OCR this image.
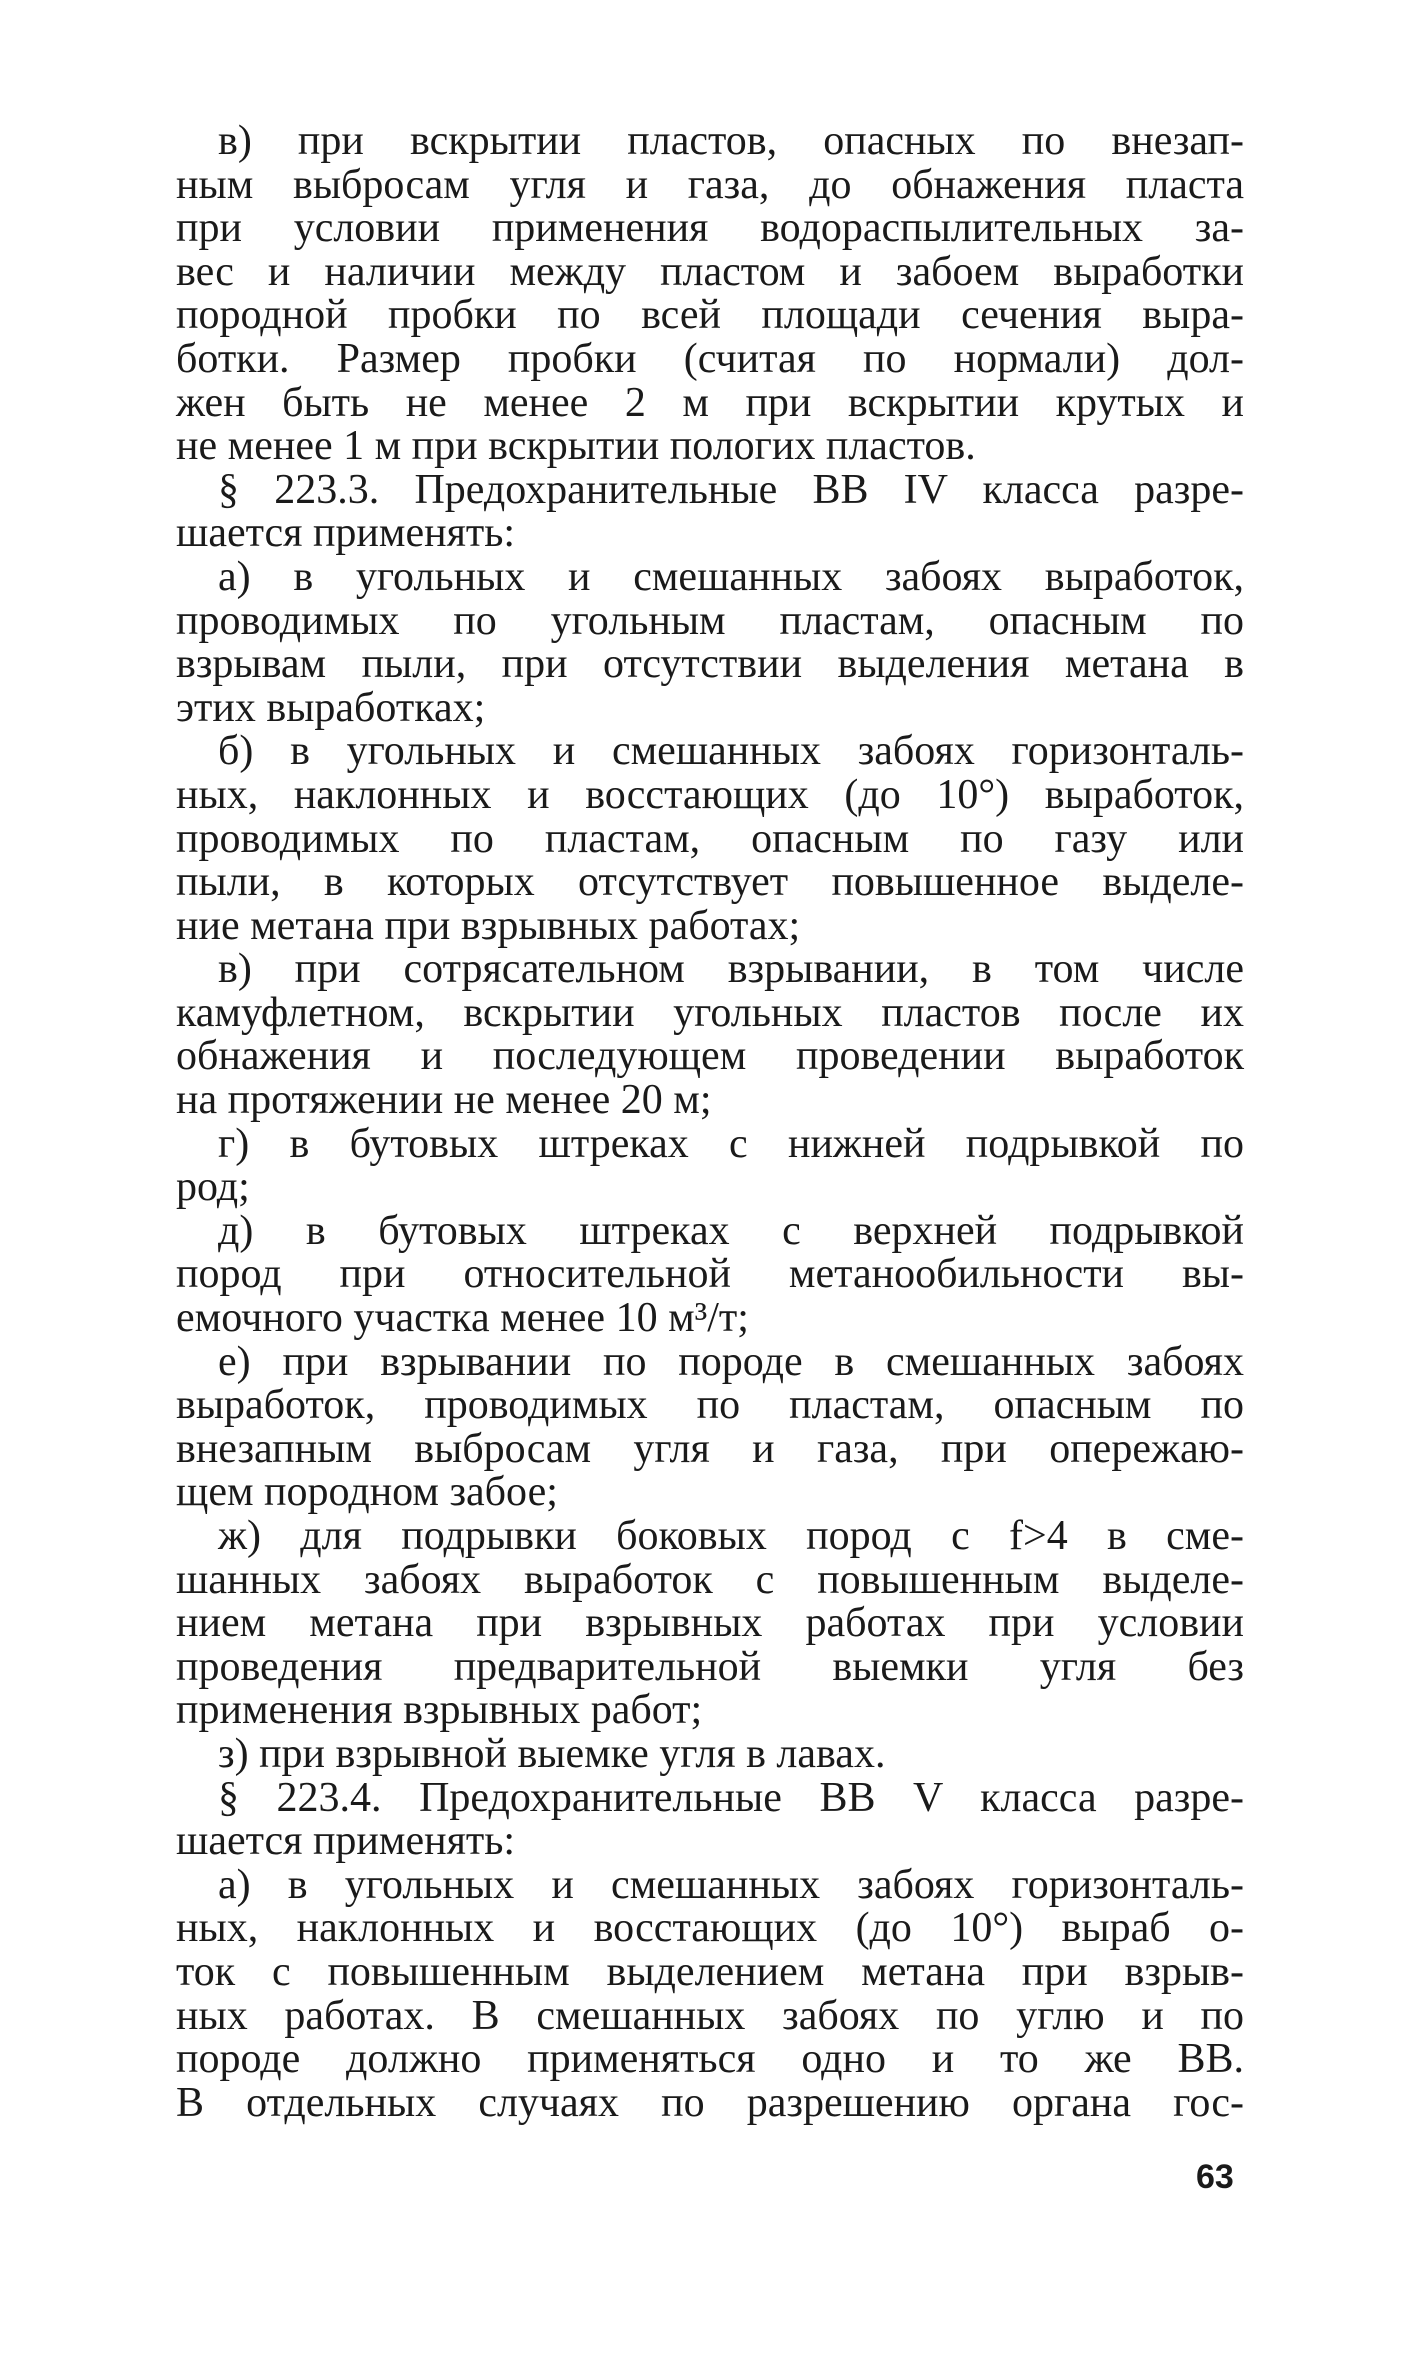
в) при вскрытии пластов, опасных по внезап-
ным выбросам угля и газа, до обнажения пласта
при условии применения водораспылительных за-
вес и наличии между пластом и забоем выработки
породной пробки по всей площади сечения выра-
ботки. Размер пробки (считая по нормали) дол-
жен быть не менее 2 м при вскрытии крутых и
не менее 1 м при вскрытии пологих пластов.
§ 223.3. Предохранительные ВВ IV класса разре-
шается применять:
а) в угольных и смешанных забоях выработок,
проводимых по угольным пластам, опасным по
взрывам пыли, при отсутствии выделения метана в
этих выработках;
б) в угольных и смешанных забоях горизонталь-
ных, наклонных и восстающих (до 10°) выработок,
проводимых по пластам, опасным по газу или
пыли, в которых отсутствует повышенное выделе-
ние метана при взрывных работах;
в) при сотрясательном взрывании, в том числе
камуфлетном, вскрытии угольных пластов после их
обнажения и последующем проведении выработок
на протяжении не менее 20 м;
г) в бутовых штреках с нижней подрывкой по
род;
д) в бутовых штреках с верхней подрывкой
пород при относительной метанообильности вы-
емочного участка менее 10 м³/т;
е) при взрывании по породе в смешанных забоях
выработок, проводимых по пластам, опасным по
внезапным выбросам угля и газа, при опережаю-
щем породном забое;
ж) для подрывки боковых пород с f>4 в сме-
шанных забоях выработок с повышенным выделе-
нием метана при взрывных работах при условии
проведения предварительной выемки угля без
применения взрывных работ;
з) при взрывной выемке угля в лавах.
§ 223.4. Предохранительные ВВ V класса разре-
шается применять:
а) в угольных и смешанных забоях горизонталь-
ных, наклонных и восстающих (до 10°) выраб о-
ток с повышенным выделением метана при взрыв-
ных работах. В смешанных забоях по углю и по
породе должно применяться одно и то же ВВ.
В отдельных случаях по разрешению органа гос-
63
